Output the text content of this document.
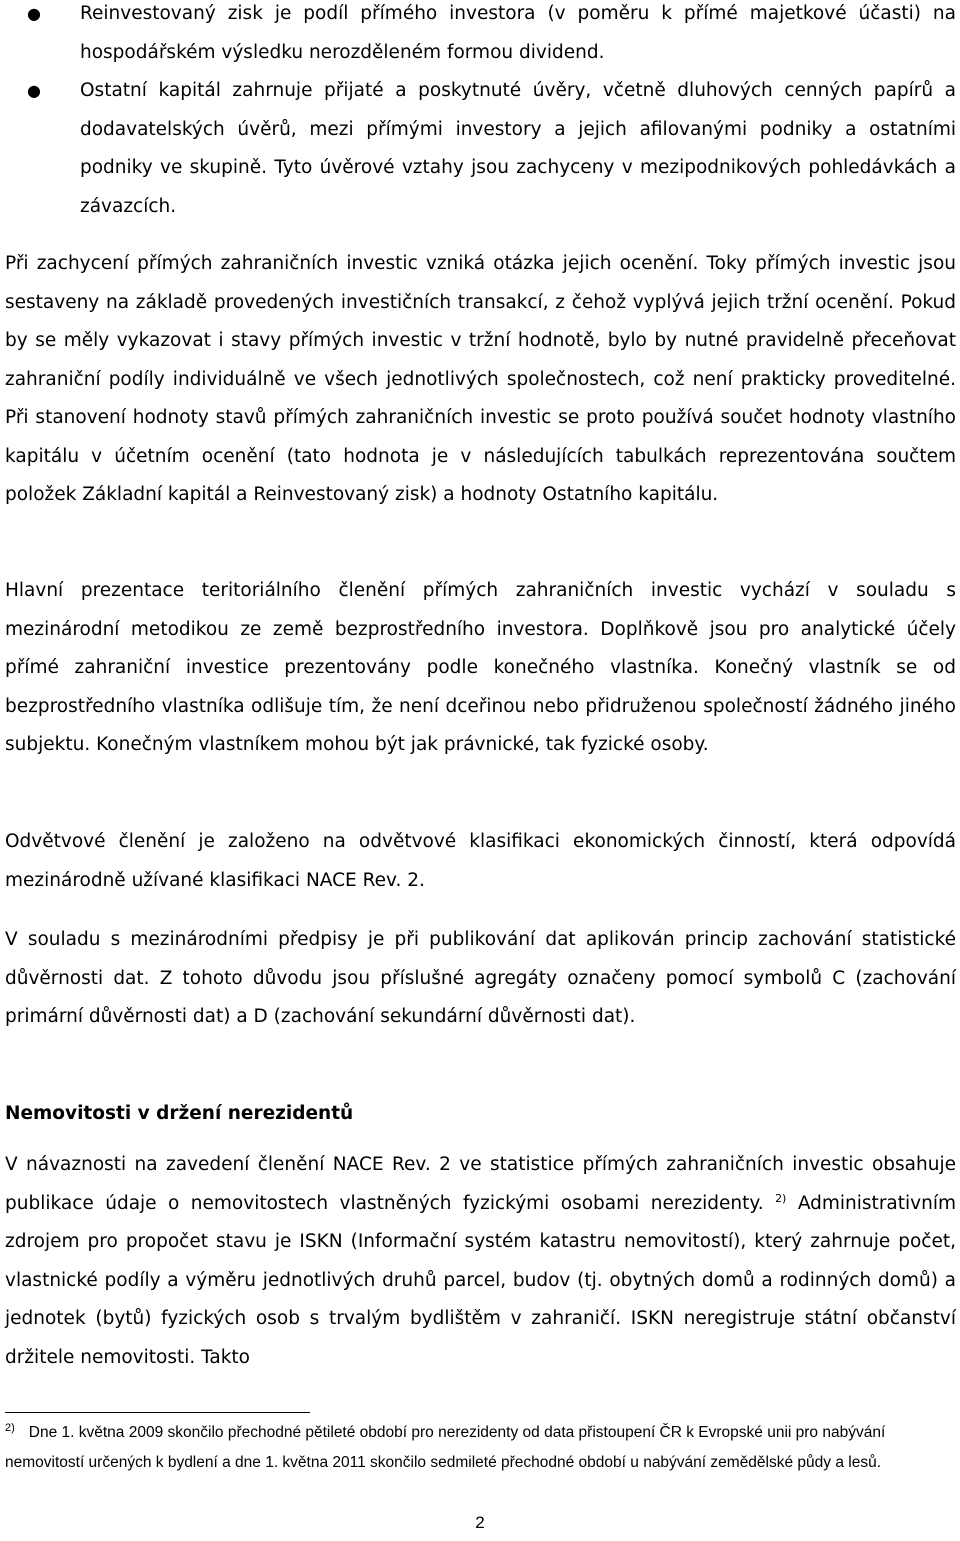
● Reinvestovaný zisk je podíl přímého investora (v poměru k přímé majetkové účasti) na hospodářském výsledku nerozděleném formou dividend.

● Ostatní kapitál zahrnuje přijaté a poskytnuté úvěry, včetně dluhových cenných papírů a dodavatelských úvěrů, mezi přímými investory a jejich afilovanými podniky a ostatními podniky ve skupině. Tyto úvěrové vztahy jsou zachyceny v mezipodnikových pohledávkách a závazcích.

Při zachycení přímých zahraničních investic vzniká otázka jejich ocenění. Toky přímých investic jsou sestaveny na základě provedených investičních transakcí, z čehož vyplývá jejich tržní ocenění. Pokud by se měly vykazovat i stavy přímých investic v tržní hodnotě, bylo by nutné pravidelně přeceňovat zahraniční podíly individuálně ve všech jednotlivých společnostech, což není prakticky proveditelné. Při stanovení hodnoty stavů přímých zahraničních investic se proto používá součet hodnoty vlastního kapitálu v účetním ocenění (tato hodnota je v následujících tabulkách reprezentována součtem položek Základní kapitál a Reinvestovaný zisk) a hodnoty Ostatního kapitálu.

Hlavní prezentace teritoriálního členění přímých zahraničních investic vychází v souladu s mezinárodní metodikou ze země bezprostředního investora. Doplňkově jsou pro analytické účely přímé zahraniční investice prezentovány podle konečného vlastníka. Konečný vlastník se od bezprostředního vlastníka odlišuje tím, že není dceřinou nebo přidruženou společností žádného jiného subjektu. Konečným vlastníkem mohou být jak právnické, tak fyzické osoby.

Odvětvové členění je založeno na odvětvové klasifikaci ekonomických činností, která odpovídá mezinárodně užívané klasifikaci NACE Rev. 2.

V souladu s mezinárodními předpisy je při publikování dat aplikován princip zachování statistické důvěrnosti dat. Z tohoto důvodu jsou příslušné agregáty označeny pomocí symbolů C (zachování primární důvěrnosti dat) a D (zachování sekundární důvěrnosti dat).

Nemovitosti v držení nerezidentů

V návaznosti na zavedení členění NACE Rev. 2 ve statistice přímých zahraničních investic obsahuje publikace údaje o nemovitostech vlastněných fyzickými osobami nerezidenty. $^{2)}$ Administrativním zdrojem pro propočet stavu je ISKN (Informační systém katastru nemovitostí), který zahrnuje počet, vlastnické podíly a výměru jednotlivých druhů parcel, budov (tj. obytných domů a rodinných domů) a jednotek (bytů) fyzických osob s trvalým bydlištěm v zahraničí. ISKN neregistruje státní občanství držitele nemovitosti. Takto

$^{2)}$ Dne 1. května 2009 skončilo přechodné pětileté období pro nerezidenty od data přistoupení ČR k Evropské unii pro nabývání nemovitostí určených k bydlení a dne 1. května 2011 skončilo sedmileté přechodné období u nabývání zemědělské půdy a lesů.

2
